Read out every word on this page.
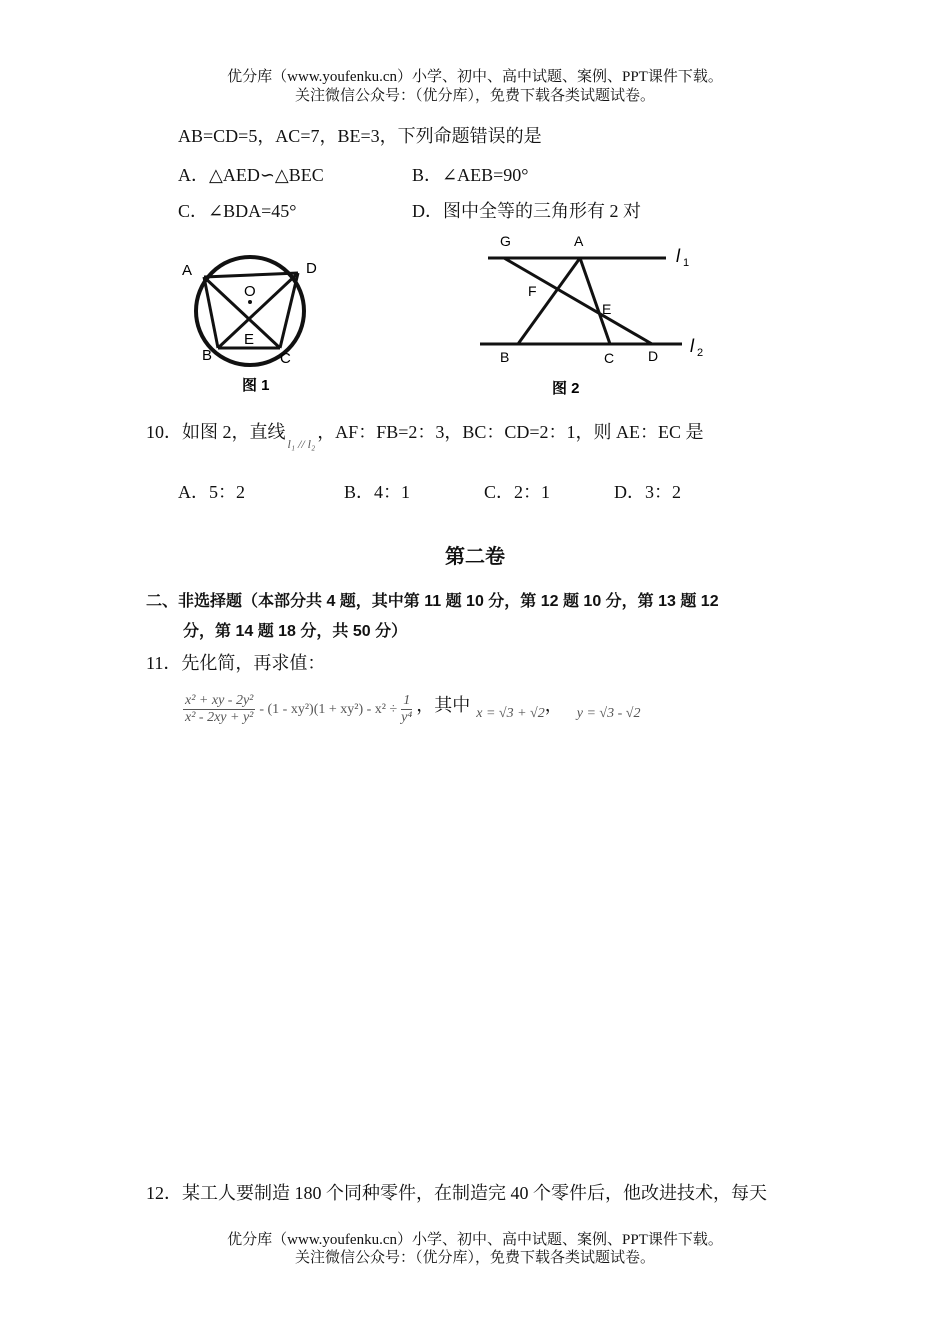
优分库（www.youfenku.cn）小学、初中、高中试题、案例、PPT课件下载。
关注微信公众号：（优分库），免费下载各类试题试卷。
AB=CD=5，AC=7，BE=3，下列命题错误的是
A．△AED∽△BEC	B．∠AEB=90°
C．∠BDA=45°	D．图中全等的三角形有 2 对
A	D
O
E
B	C
图 1
G	A
l 1
F
E
B	C D l 2
图 2
10．如图 2，直线$_{l_1 // l_2}$，AF：FB=2：3，BC：CD=2：1，则 AE：EC 是
A．5：2	B．4：1	C．2：1	D．3：2
第二卷
二、非选择题（本部分共 4 题，其中第 11 题 10 分，第 12 题 10 分，第 13 题 12
分，第 14 题 18 分，共 50 分）
11．先化简，再求值：
$\frac{\text{x² + xy - 2y²}}{\text{x² - 2xy + y²}} - (1 - xy^2)(1 + xy^2) - x^2 \div \frac{1}{\text{y⁴}}$ ，其中 x = √3 + √2 ， y = √3 - √2
12．某工人要制造 180 个同种零件，在制造完 40 个零件后，他改进技术，每天
优分库（www.youfenku.cn）小学、初中、高中试题、案例、PPT课件下载。
关注微信公众号：（优分库），免费下载各类试题试卷。
